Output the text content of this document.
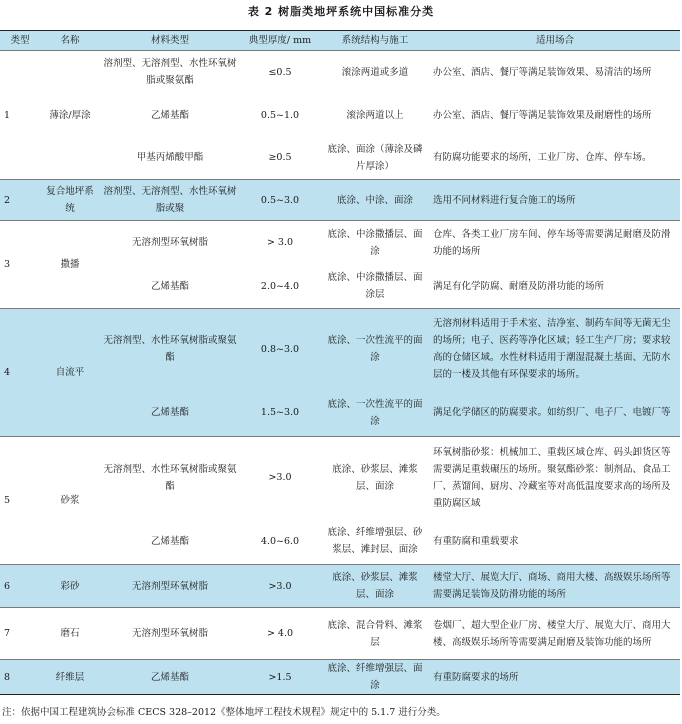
表 2 树脂类地坪系统中国标准分类
类型	名称	材料类型	典型厚度/ mm	系统结构与施工	适用场合
1	薄涂/厚涂	溶剂型、无溶剂型、水性环氧树脂或聚氨酯	≤0.5	滚涂两道或多道	办公室、酒店、餐厅等满足装饰效果、易清洁的场所
		乙烯基酯	0.5~1.0	滚涂两道以上	办公室、酒店、餐厅等满足装饰效果及耐磨性的场所
		甲基丙烯酸甲酯	≥0.5	底涂、面涂（薄涂及磷片厚涂）	有防腐功能要求的场所，工业厂房、仓库、停车场。
2	复合地坪系统	溶剂型、无溶剂型、水性环氧树脂或聚	0.5~3.0	底涂、中涂、面涂	选用不同材料进行复合施工的场所
3	撒播	无溶剂型环氧树脂	> 3.0	底涂、中涂撒播层、面涂	仓库、各类工业厂房车间、停车场等需要满足耐磨及防滑功能的场所
		乙烯基酯	2.0~4.0	底涂、中涂撒播层、面涂层	满足有化学防腐、耐磨及防滑功能的场所
4	自流平	无溶剂型、水性环氧树脂或聚氨酯	0.8~3.0	底涂、一次性流平的面涂	无溶剂材料适用于手术室、洁净室、制药车间等无菌无尘的场所；电子、医药等净化区域；轻工生产厂房；要求较高的仓储区域。水性材料适用于潮湿混凝土基面、无防水层的一楼及其他有环保要求的场所。
		乙烯基酯	1.5~3.0	底涂、一次性流平的面涂	满足化学储区的防腐要求。如纺织厂、电子厂、电镀厂等
5	砂浆	无溶剂型、水性环氧树脂或聚氨酯	>3.0	底涂、砂浆层、滩浆层、面涂	环氧树脂砂浆：机械加工、重载区域仓库、码头卸货区等需要满足重载碾压的场所。聚氨酯砂浆：制剂品、食品工厂、蒸馏间、厨房、冷藏室等对高低温度要求高的场所及重防腐区域
		乙烯基酯	4.0~6.0	底涂、纤维增强层、砂浆层、滩封层、面涂	有重防腐和重载要求
6	彩砂	无溶剂型环氧树脂	>3.0	底涂、砂浆层、滩浆层、面涂	楼堂大厅、展览大厅、商场、商用大楼、高级娱乐场所等需要满足装饰及防滑功能的场所
7	磨石	无溶剂型环氧树脂	> 4.0	底涂、混合骨料、滩浆层	卷烟厂、超大型企业厂房、楼堂大厅、展览大厅、商用大楼、高级娱乐场所等需要满足耐磨及装饰功能的场所
8	纤维层	乙烯基酯	>1.5	底涂、纤维增强层、面涂	有重防腐要求的场所
注：依据中国工程建筑协会标准 CECS 328–2012《整体地坪工程技术规程》规定中的 5.1.7 进行分类。
